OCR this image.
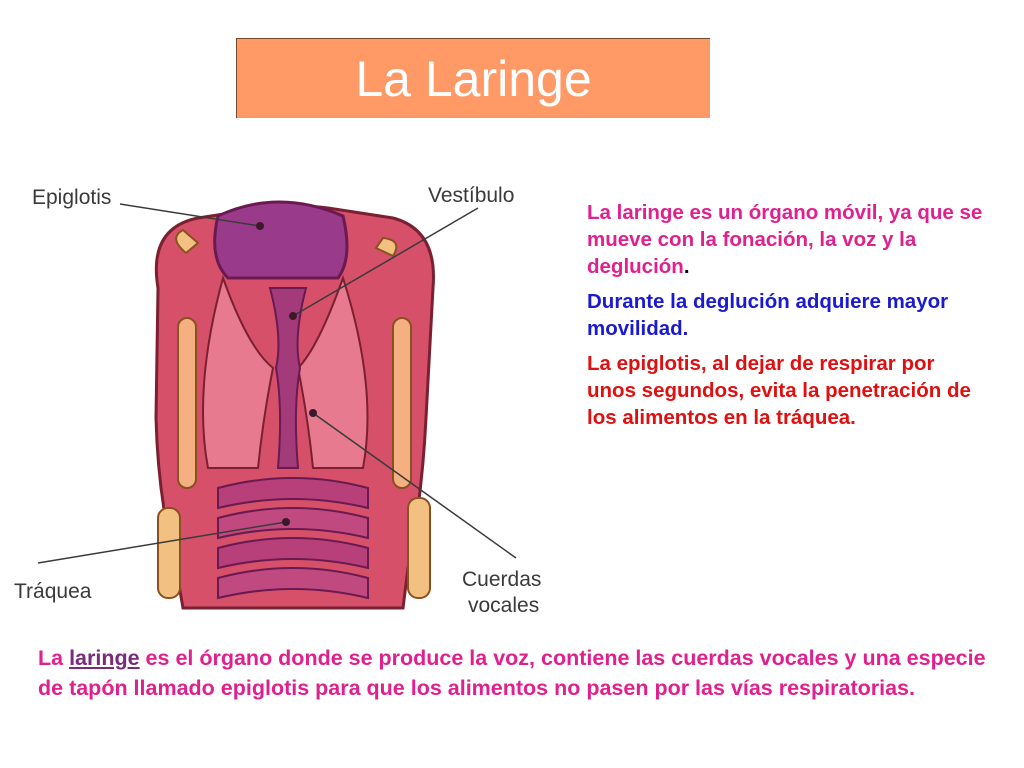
La Laringe
Epiglotis	Vestíbulo
Tráquea
Cuerdas
vocales

La laringe es un órgano móvil, ya que se mueve con la fonación, la voz y la deglución.

Durante la deglución adquiere mayor movilidad.

La epiglotis, al dejar de respirar por unos segundos, evita la penetración de los alimentos en la tráquea.

La laringe es el órgano donde se produce la voz, contiene las cuerdas vocales y una especie de tapón llamado epiglotis para que los alimentos no pasen por las vías respiratorias.
